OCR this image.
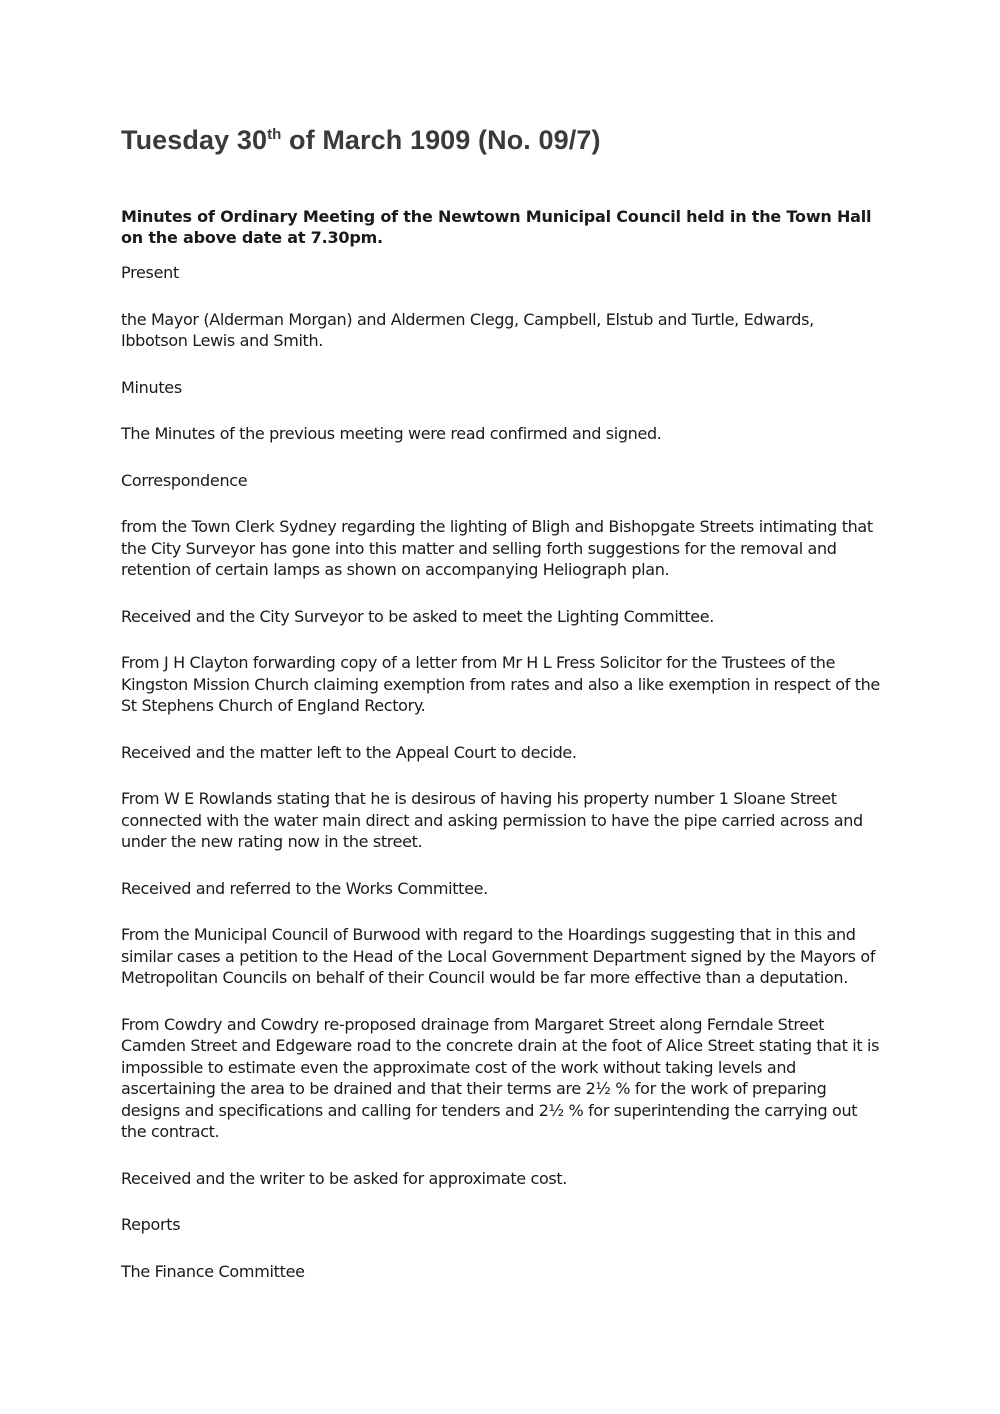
Tuesday 30th of March 1909 (No. 09/7)

Minutes of Ordinary Meeting of the Newtown Municipal Council held in the Town Hall on the above date at 7.30pm.

Present

the Mayor (Alderman Morgan) and Aldermen Clegg, Campbell, Elstub and Turtle, Edwards, Ibbotson Lewis and Smith.

Minutes

The Minutes of the previous meeting were read confirmed and signed.

Correspondence

from the Town Clerk Sydney regarding the lighting of Bligh and Bishopgate Streets intimating that the City Surveyor has gone into this matter and selling forth suggestions for the removal and retention of certain lamps as shown on accompanying Heliograph plan.

Received and the City Surveyor to be asked to meet the Lighting Committee.

From J H Clayton forwarding copy of a letter from Mr H L Fress Solicitor for the Trustees of the Kingston Mission Church claiming exemption from rates and also a like exemption in respect of the St Stephens Church of England Rectory.

Received and the matter left to the Appeal Court to decide.

From W E Rowlands stating that he is desirous of having his property number 1 Sloane Street connected with the water main direct and asking permission to have the pipe carried across and under the new rating now in the street.

Received and referred to the Works Committee.

From the Municipal Council of Burwood with regard to the Hoardings suggesting that in this and similar cases a petition to the Head of the Local Government Department signed by the Mayors of Metropolitan Councils on behalf of their Council would be far more effective than a deputation.

From Cowdry and Cowdry re-proposed drainage from Margaret Street along Ferndale Street Camden Street and Edgeware road to the concrete drain at the foot of Alice Street stating that it is impossible to estimate even the approximate cost of the work without taking levels and ascertaining the area to be drained and that their terms are 2½ % for the work of preparing designs and specifications and calling for tenders and 2½ % for superintending the carrying out the contract.

Received and the writer to be asked for approximate cost.

Reports

The Finance Committee
